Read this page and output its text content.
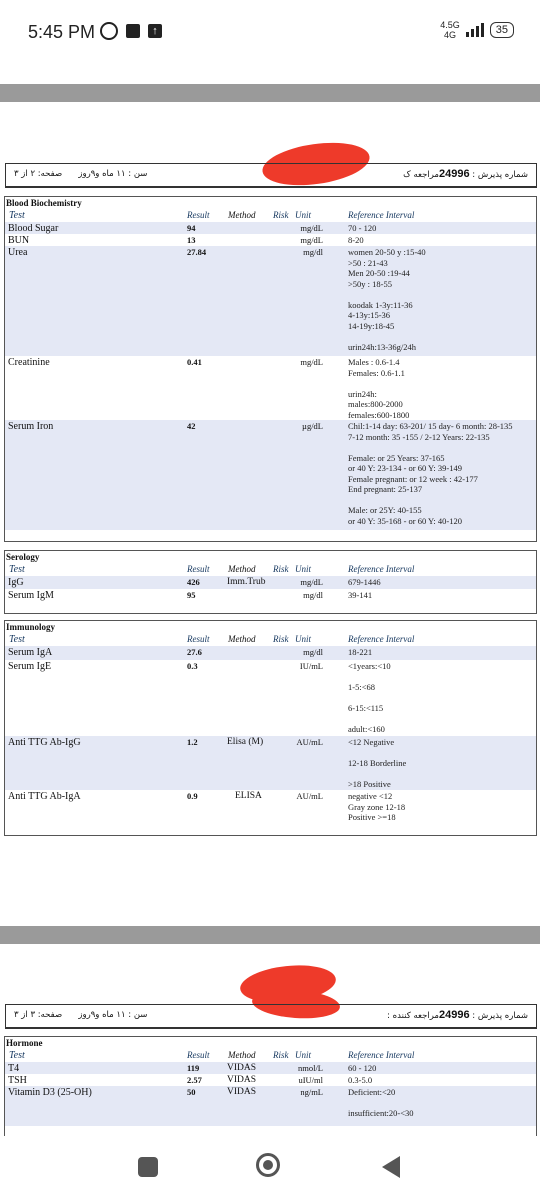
5:45 PM	↑	4.5G
4G	35
سن : ۱۱ ماه و۹روز      صفحه: ۲ از ۳	شماره پذیرش : 24996مراجعه ک
Blood Biochemistry
Test	Result Method Risk Unit	Reference Interval
Blood Sugar	94	mg/dL	70 - 120
BUN	13	mg/dL	8-20
Urea	27.84	mg/dl	women 20-50 y :15-40
>50 : 21-43
Men 20-50 :19-44
>50y : 18-55

koodak 1-3y:11-36
4-13y:15-36
14-19y:18-45

urin24h:13-36g/24h
Creatinine	0.41	mg/dL	Males : 0.6-1.4
Females: 0.6-1.1

urin24h:
males:800-2000
females:600-1800
Serum Iron	42	µg/dL	Chil:1-14 day: 63-201/ 15 day- 6 month: 28-135
7-12 month: 35 -155 / 2-12 Years: 22-135

Female: or 25 Years: 37-165
or 40 Y: 23-134 - or 60 Y: 39-149
Female pregnant: or 12 week : 42-177
End pregnant: 25-137

Male: or 25Y: 40-155
or 40 Y: 35-168 - or 60 Y: 40-120
Serology
Test	Result Method Risk Unit	Reference Interval
IgG	426	Imm.Trub	mg/dL	679-1446
Serum IgM	95	mg/dl	39-141
Immunology
Test	Result Method Risk Unit	Reference Interval
Serum IgA	27.6	mg/dl	18-221
Serum IgE	0.3	IU/mL	<1years:<10

1-5:<68

6-15:<115

adult:<160
Anti TTG Ab-IgG	1.2	Elisa (M)	AU/mL	<12 Negative

12-18 Borderline

>18 Positive
Anti TTG Ab-IgA	0.9	ELISA	AU/mL	negative <12
Gray zone 12-18
Positive >=18
سن : ۱۱ ماه و۹روز      صفحه: ۳ از ۳	شماره پذیرش : 24996مراجعه کننده :
Hormone
Test	Result Method Risk Unit	Reference Interval
T4	119	VIDAS	nmol/L	60 - 120
TSH	2.57	VIDAS	uIU/ml	0.3-5.0
Vitamin D3 (25-OH)	50	VIDAS	ng/mL	Deficient:<20

insufficient:20-<30
